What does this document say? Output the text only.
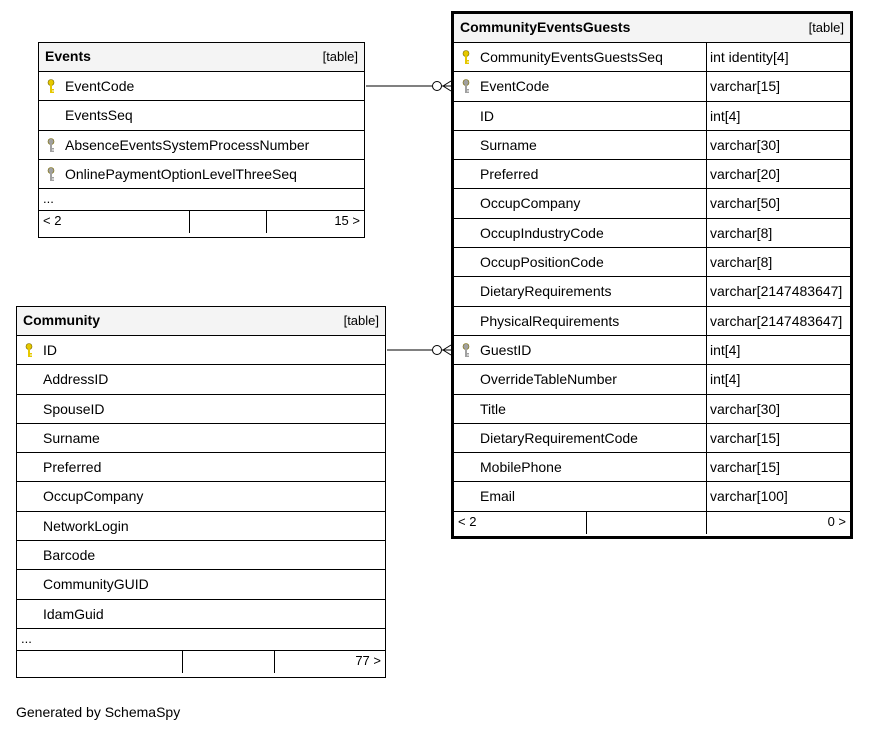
Events	[table]
EventCode
EventsSeq
AbsenceEventsSystemProcessNumber
OnlinePaymentOptionLevelThreeSeq
...
< 2	15 >
CommunityEventsGuests	[table]
CommunityEventsGuestsSeq	int identity[4]
EventCode	varchar[15]
ID	int[4]
Surname	varchar[30]
Preferred	varchar[20]
OccupCompany	varchar[50]
OccupIndustryCode	varchar[8]
OccupPositionCode	varchar[8]
DietaryRequirements	varchar[2147483647]
PhysicalRequirements	varchar[2147483647]
GuestID	int[4]
OverrideTableNumber	int[4]
Title	varchar[30]
DietaryRequirementCode	varchar[15]
MobilePhone	varchar[15]
Email	varchar[100]
< 2	0 >
Community	[table]
ID
AddressID
SpouseID
Surname
Preferred
OccupCompany
NetworkLogin
Barcode
CommunityGUID
IdamGuid
...
77 >
Generated by SchemaSpy
